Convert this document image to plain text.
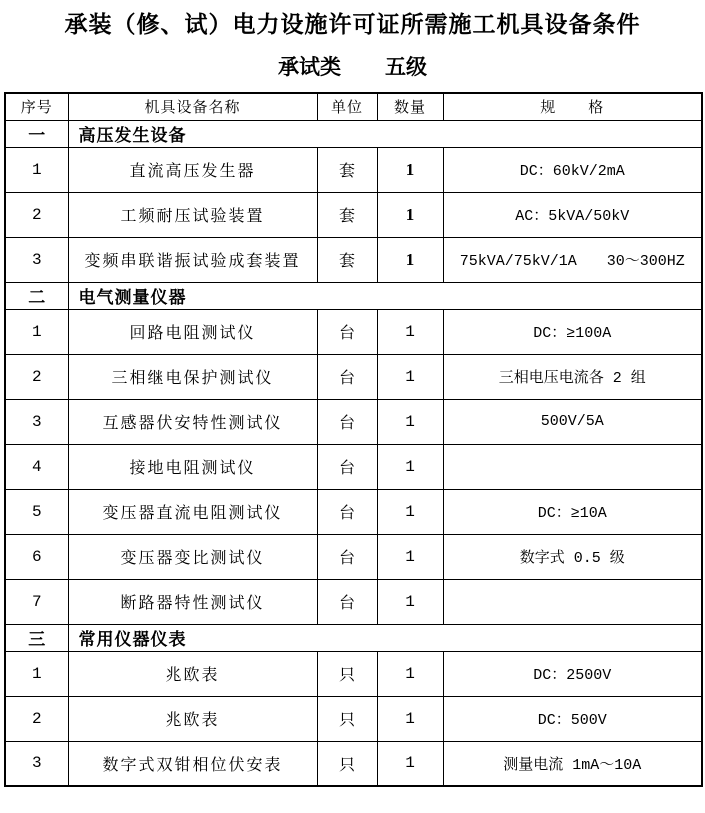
承装（修、试）电力设施许可证所需施工机具设备条件
承试类 五级
序号	机具设备名称	单位	数量	规　　格
一	高压发生设备			
1	直流高压发生器	套	1	DC：60kV/2mA
2	工频耐压试验装置	套	1	AC：5kVA/50kV
3	变频串联谐振试验成套装置	套	1	75kVA/75kV/1A　　30～300HZ
二	电气测量仪器			
1	回路电阻测试仪	台	1	DC：≥100A
2	三相继电保护测试仪	台	1	三相电压电流各 2 组
3	互感器伏安特性测试仪	台	1	500V/5A
4	接地电阻测试仪	台	1	
5	变压器直流电阻测试仪	台	1	DC：≥10A
6	变压器变比测试仪	台	1	数字式 0.5 级
7	断路器特性测试仪	台	1	
三	常用仪器仪表			
1	兆欧表	只	1	DC：2500V
2	兆欧表	只	1	DC：500V
3	数字式双钳相位伏安表	只	1	测量电流 1mA～10A
